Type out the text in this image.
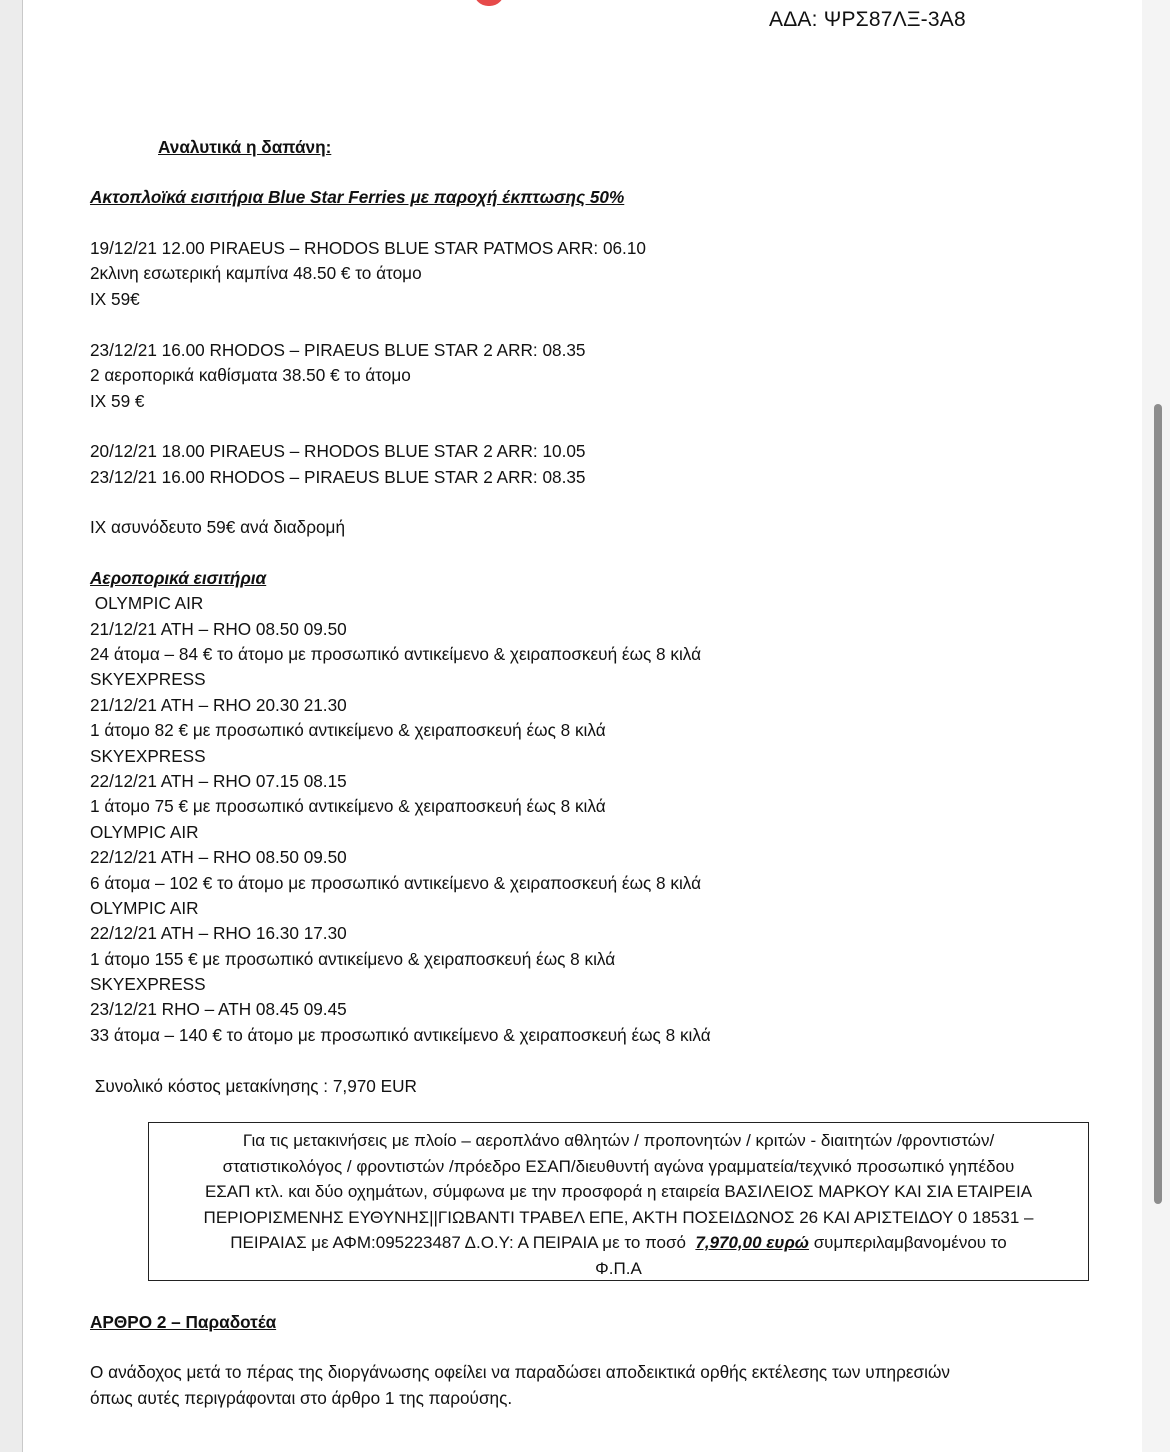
ΑΔΑ: ΨΡΣ87ΛΞ-3Α8
Αναλυτικά η δαπάνη:
Ακτοπλοϊκά εισιτήρια Blue Star Ferries με παροχή έκπτωσης 50%
19/12/21 12.00 PIRAEUS – RHODOS BLUE STAR PATMOS ARR: 06.10
2κλινη εσωτερική καμπίνα 48.50 € το άτομο
IX 59€
23/12/21 16.00 RHODOS – PIRAEUS BLUE STAR 2 ARR: 08.35
2 αεροπορικά καθίσματα 38.50 € το άτομο
IX 59 €
20/12/21 18.00 PIRAEUS – RHODOS BLUE STAR 2 ARR: 10.05
23/12/21 16.00 RHODOS – PIRAEUS BLUE STAR 2 ARR: 08.35
IX ασυνόδευτο 59€ ανά διαδρομή
Αεροπορικά εισιτήρια
OLYMPIC AIR
21/12/21 ATH – RHO 08.50 09.50
24 άτομα – 84 € το άτομο με προσωπικό αντικείμενο & χειραποσκευή έως 8 κιλά
SKYEXPRESS
21/12/21 ATH – RHO 20.30 21.30
1 άτομο 82 € με προσωπικό αντικείμενο & χειραποσκευή έως 8 κιλά
SKYEXPRESS
22/12/21 ATH – RHO 07.15 08.15
1 άτομο 75 € με προσωπικό αντικείμενο & χειραποσκευή έως 8 κιλά
OLYMPIC AIR
22/12/21 ATH – RHO 08.50 09.50
6 άτομα – 102 € το άτομο με προσωπικό αντικείμενο & χειραποσκευή έως 8 κιλά
OLYMPIC AIR
22/12/21 ATH – RHO 16.30 17.30
1 άτομο 155 € με προσωπικό αντικείμενο & χειραποσκευή έως 8 κιλά
SKYEXPRESS
23/12/21 RHO – ATH 08.45 09.45
33 άτομα – 140 € το άτομο με προσωπικό αντικείμενο & χειραποσκευή έως 8 κιλά
Συνολικό κόστος μετακίνησης : 7,970 EUR
ΑΡΘΡΟ 2 – Παραδοτέα
Ο ανάδοχος μετά το πέρας της διοργάνωσης οφείλει να παραδώσει αποδεικτικά ορθής εκτέλεσης των υπηρεσιών
όπως αυτές περιγράφονται στο άρθρο 1 της παρούσης.
Για τις μετακινήσεις με πλοίο – αεροπλάνο αθλητών / προπονητών / κριτών - διαιτητών /φροντιστών/
στατιστικολόγος / φροντιστών /πρόεδρο ΕΣΑΠ/διευθυντή αγώνα γραμματεία/τεχνικό προσωπικό γηπέδου
ΕΣΑΠ κτλ. και δύο οχημάτων, σύμφωνα με την προσφορά η εταιρεία ΒΑΣΙΛΕΙΟΣ ΜΑΡΚΟΥ ΚΑΙ ΣΙΑ ΕΤΑΙΡΕΙΑ
ΠΕΡΙΟΡΙΣΜΕΝΗΣ ΕΥΘΥΝΗΣ||ΓΙΩΒΑΝΤΙ ΤΡΑΒΕΛ ΕΠΕ, ΑΚΤΗ ΠΟΣΕΙΔΩΝΟΣ 26 ΚΑΙ ΑΡΙΣΤΕΙΔΟΥ 0 18531 –
ΠΕΙΡΑΙΑΣ με ΑΦΜ:095223487 Δ.Ο.Υ: Α ΠΕΙΡΑΙΑ με το ποσό  7,970,00 ευρώ συμπεριλαμβανομένου το
Φ.Π.Α
